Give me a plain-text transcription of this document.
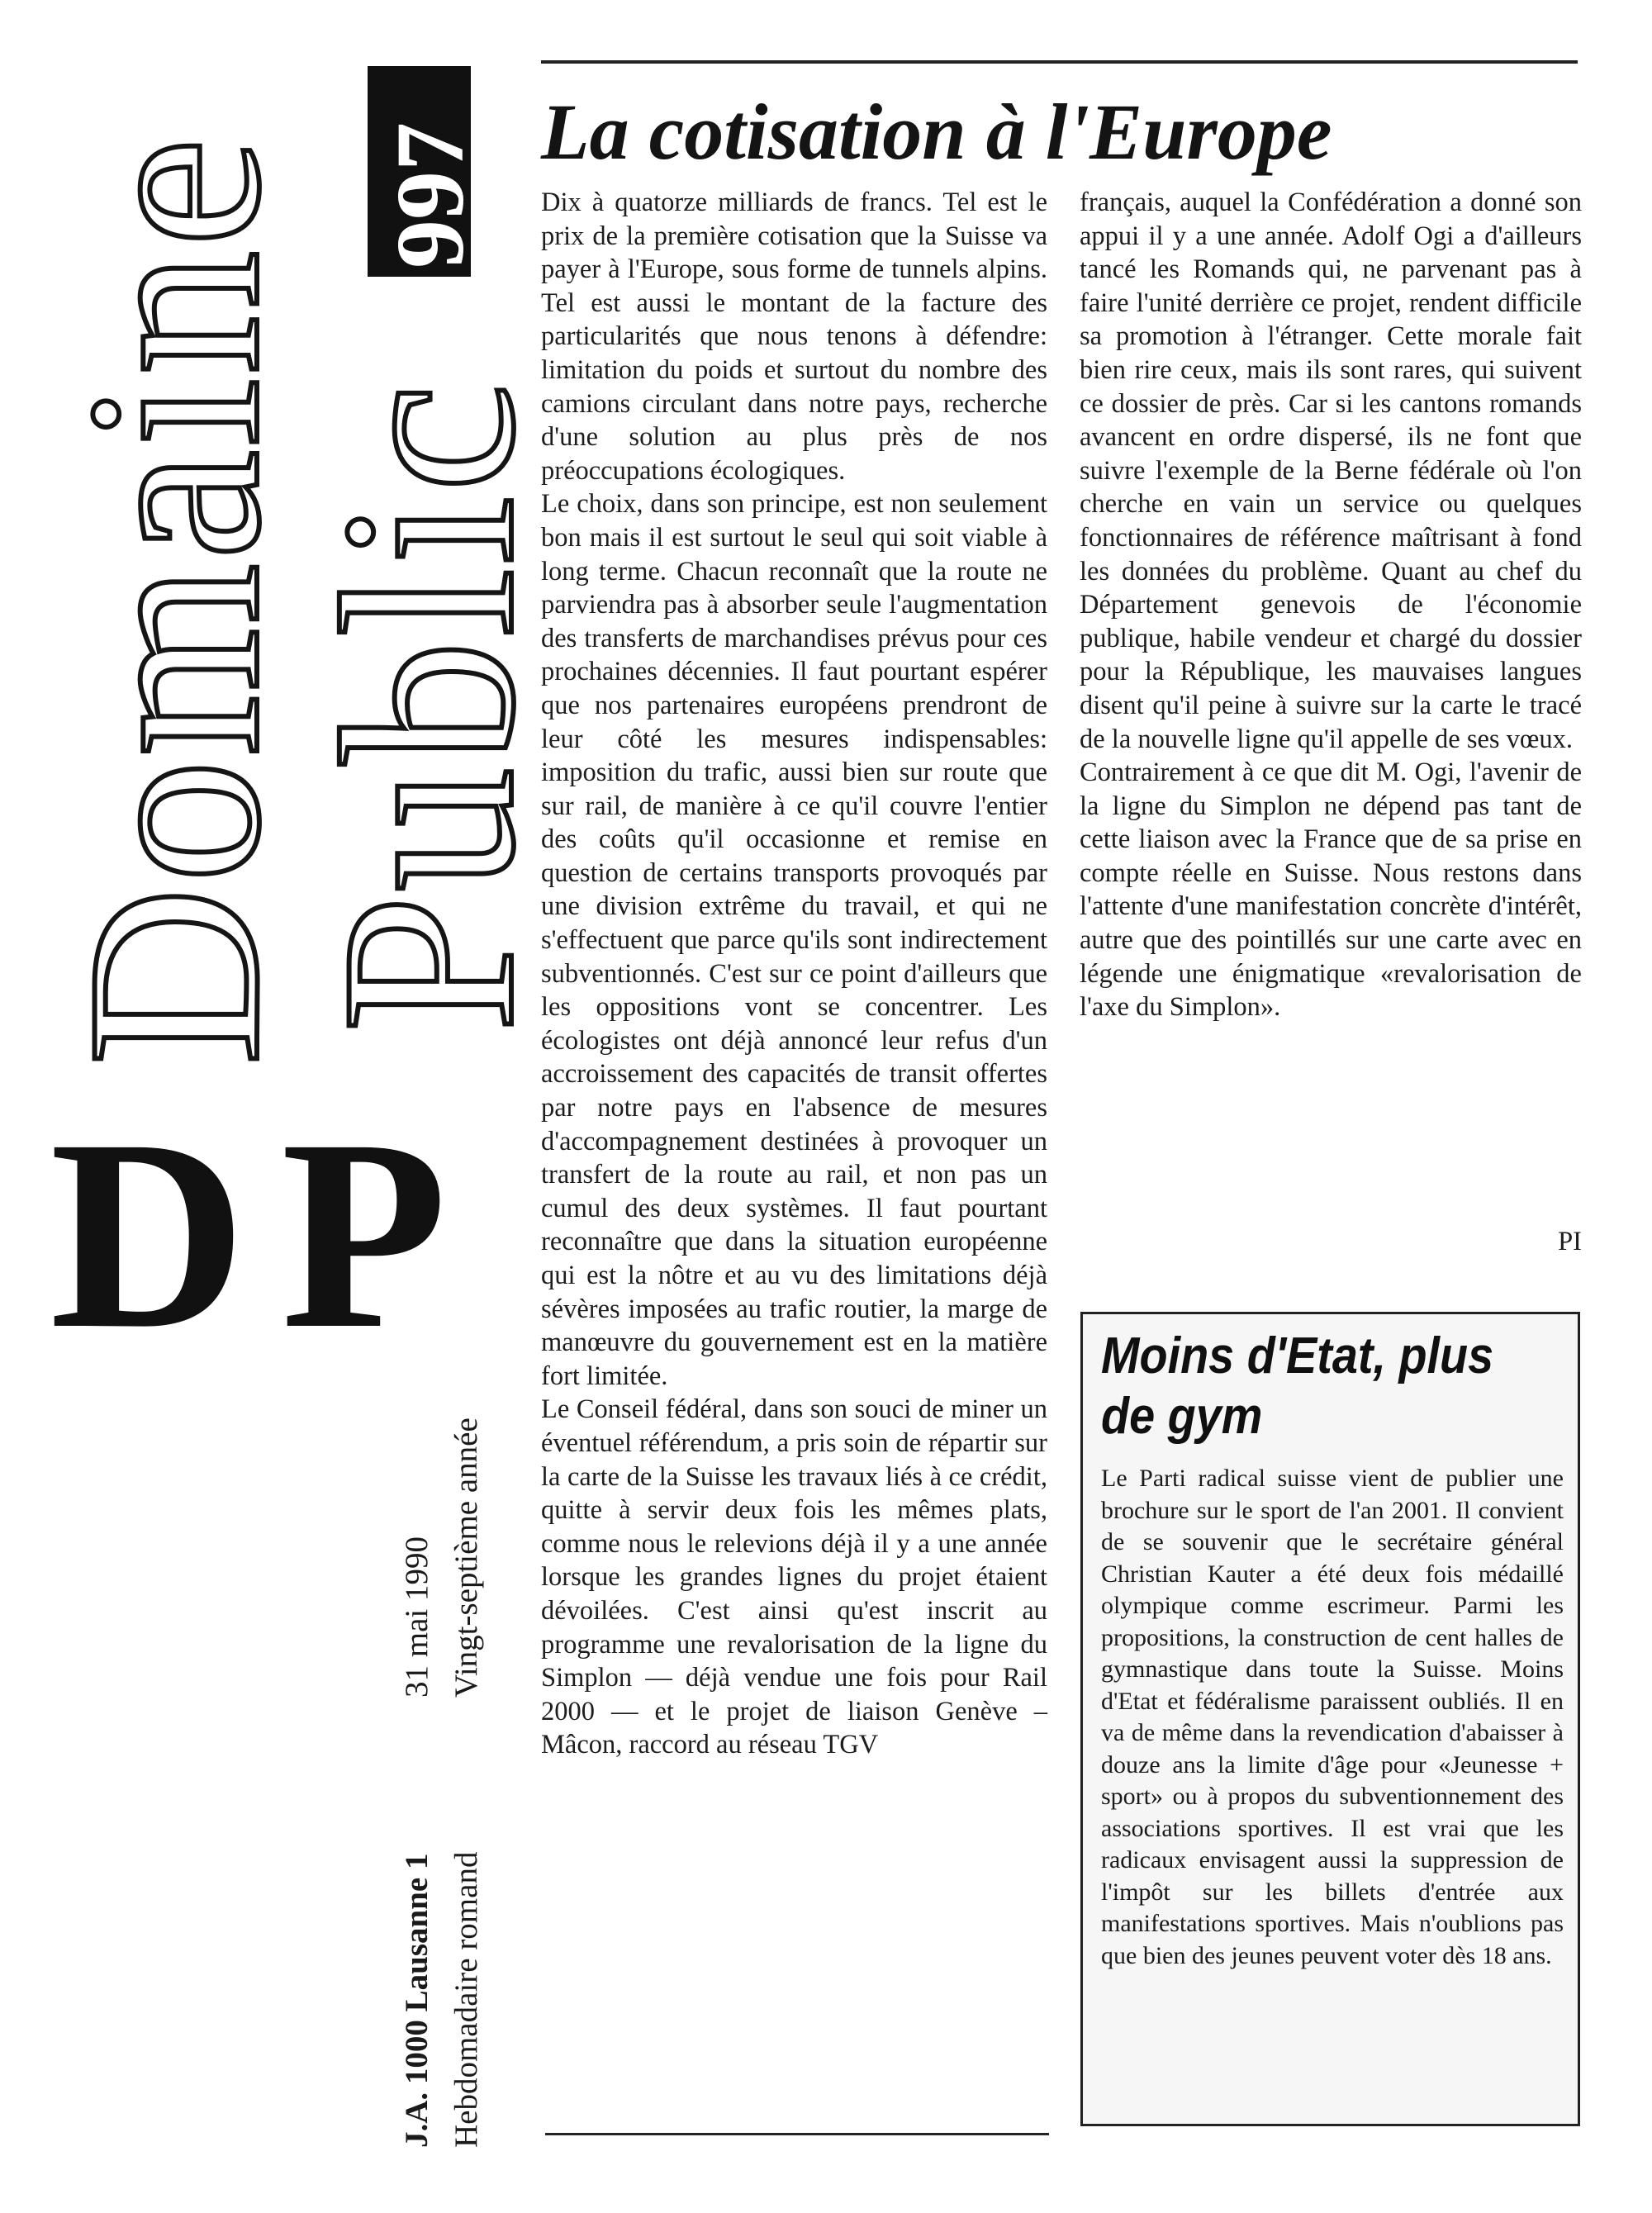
Domaine
Public
997
D P
J.A. 1000 Lausanne 1 Hebdomadaire romand
31 mai 1990 Vingt-septième année
La cotisation à l'Europe

Dix à quatorze milliards de francs. Tel est le prix de la première cotisation que la Suisse va payer à l'Europe, sous forme de tunnels alpins. Tel est aussi le montant de la facture des particularités que nous tenons à défendre: limitation du poids et surtout du nombre des camions circulant dans notre pays, recherche d'une solution au plus près de nos préoccupations écologiques.

Le choix, dans son principe, est non seulement bon mais il est surtout le seul qui soit viable à long terme. Chacun reconnaît que la route ne parviendra pas à absorber seule l'augmentation des transferts de marchandises prévus pour ces prochaines décennies. Il faut pourtant espérer que nos partenaires européens prendront de leur côté les mesures indispensables: imposition du trafic, aussi bien sur route que sur rail, de manière à ce qu'il couvre l'entier des coûts qu'il occasionne et remise en question de certains transports provoqués par une division extrême du travail, et qui ne s'effectuent que parce qu'ils sont indirectement subventionnés. C'est sur ce point d'ailleurs que les oppositions vont se concentrer. Les écologistes ont déjà annoncé leur refus d'un accroissement des capacités de transit offertes par notre pays en l'absence de mesures d'accompagnement destinées à provoquer un transfert de la route au rail, et non pas un cumul des deux systèmes. Il faut pourtant reconnaître que dans la situation européenne qui est la nôtre et au vu des limitations déjà sévères imposées au trafic routier, la marge de manœuvre du gouvernement est en la matière fort limitée.

Le Conseil fédéral, dans son souci de miner un éventuel référendum, a pris soin de répartir sur la carte de la Suisse les travaux liés à ce crédit, quitte à servir deux fois les mêmes plats, comme nous le relevions déjà il y a une année lorsque les grandes lignes du projet étaient dévoilées. C'est ainsi qu'est inscrit au programme une revalorisation de la ligne du Simplon — déjà vendue une fois pour Rail 2000 — et le projet de liaison Genève – Mâcon, raccord au réseau TGV

français, auquel la Confédération a donné son appui il y a une année. Adolf Ogi a d'ailleurs tancé les Romands qui, ne parvenant pas à faire l'unité derrière ce projet, rendent difficile sa promotion à l'étranger. Cette morale fait bien rire ceux, mais ils sont rares, qui suivent ce dossier de près. Car si les cantons romands avancent en ordre dispersé, ils ne font que suivre l'exemple de la Berne fédérale où l'on cherche en vain un service ou quelques fonctionnaires de référence maîtrisant à fond les données du problème. Quant au chef du Département genevois de l'économie publique, habile vendeur et chargé du dossier pour la République, les mauvaises langues disent qu'il peine à suivre sur la carte le tracé de la nouvelle ligne qu'il appelle de ses vœux.

Contrairement à ce que dit M. Ogi, l'avenir de la ligne du Simplon ne dépend pas tant de cette liaison avec la France que de sa prise en compte réelle en Suisse. Nous restons dans l'attente d'une manifestation concrète d'intérêt, autre que des pointillés sur une carte avec en légende une énigmatique «revalorisation de l'axe du Simplon».

PI
Moins d'Etat, plus de gym
Le Parti radical suisse vient de publier une brochure sur le sport de l'an 2001. Il convient de se souvenir que le secrétaire général Christian Kauter a été deux fois médaillé olympique comme escrimeur. Parmi les propositions, la construction de cent halles de gymnastique dans toute la Suisse. Moins d'Etat et fédéralisme paraissent oubliés. Il en va de même dans la revendication d'abaisser à douze ans la limite d'âge pour «Jeunesse + sport» ou à propos du subventionnement des associations sportives. Il est vrai que les radicaux envisagent aussi la suppression de l'impôt sur les billets d'entrée aux manifestations sportives. Mais n'oublions pas que bien des jeunes peuvent voter dès 18 ans.
